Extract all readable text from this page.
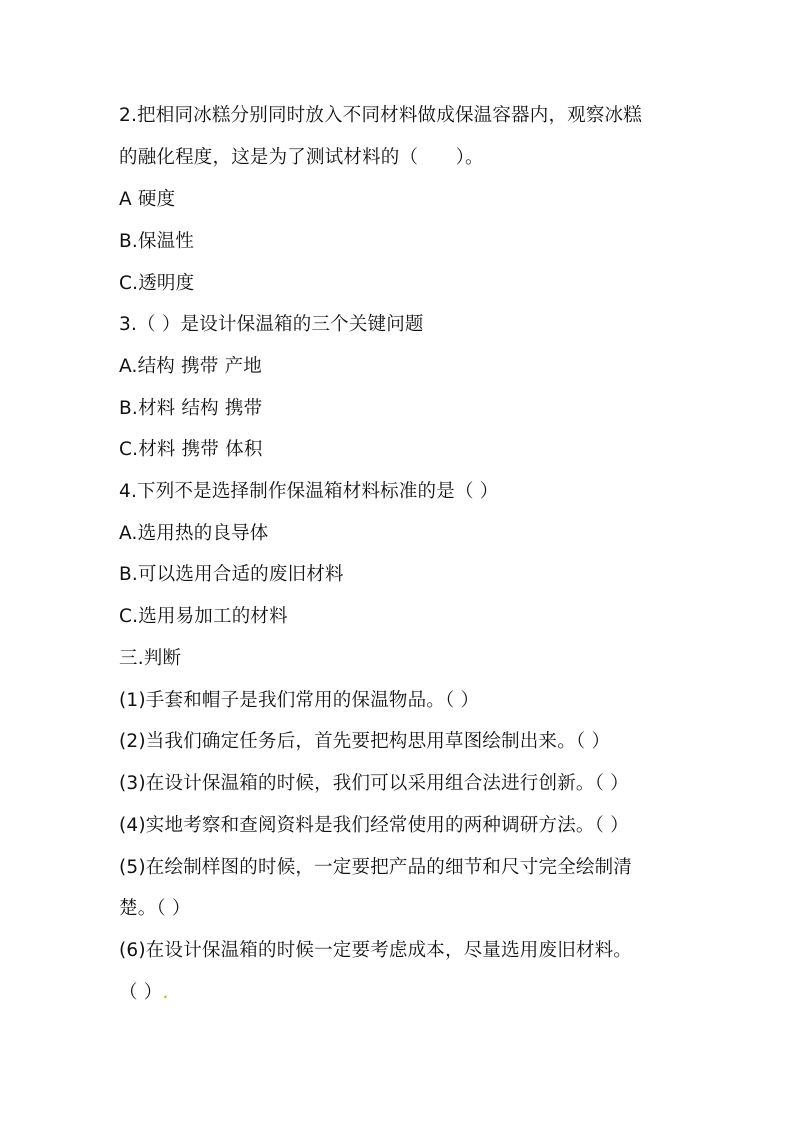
2.把相同冰糕分别同时放入不同材料做成保温容器内，观察冰糕
的融化程度，这是为了测试材料的（　　）。
A 硬度
B.保温性
C.透明度
3.（ ）是设计保温箱的三个关键问题
A.结构 携带 产地
B.材料 结构 携带
C.材料 携带 体积
4.下列不是选择制作保温箱材料标准的是（ ）
A.选用热的良导体
B.可以选用合适的废旧材料
C.选用易加工的材料
三.判断
(1)手套和帽子是我们常用的保温物品。（ ）
(2)当我们确定任务后，首先要把构思用草图绘制出来。（ ）
(3)在设计保温箱的时候，我们可以采用组合法进行创新。（ ）
(4)实地考察和查阅资料是我们经常使用的两种调研方法。（ ）
(5)在绘制样图的时候，一定要把产品的细节和尺寸完全绘制清
楚。（ ）
(6)在设计保温箱的时候一定要考虑成本，尽量选用废旧材料。
（ ）.
